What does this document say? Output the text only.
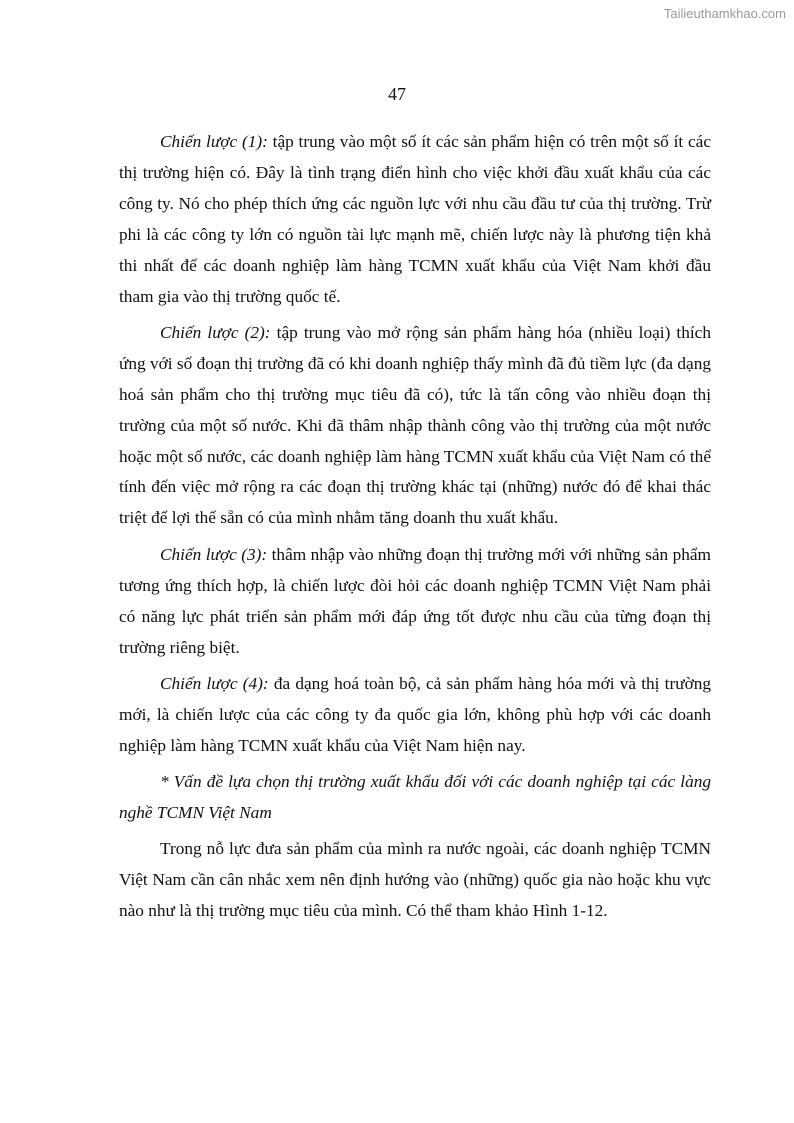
Tailieuthamkhao.com
47

Chiến lược (1): tập trung vào một số ít các sản phẩm hiện có trên một số ít các thị trường hiện có. Đây là tình trạng điển hình cho việc khởi đầu xuất khẩu của các công ty. Nó cho phép thích ứng các nguồn lực với nhu cầu đầu tư của thị trường. Trừ phi là các công ty lớn có nguồn tài lực mạnh mẽ, chiến lược này là phương tiện khả thi nhất để các doanh nghiệp làm hàng TCMN xuất khẩu của Việt Nam khởi đầu tham gia vào thị trường quốc tế.

Chiến lược (2): tập trung vào mở rộng sản phẩm hàng hóa (nhiều loại) thích ứng với số đoạn thị trường đã có khi doanh nghiệp thấy mình đã đủ tiềm lực (đa dạng hoá sản phẩm cho thị trường mục tiêu đã có), tức là tấn công vào nhiều đoạn thị trường của một số nước. Khi đã thâm nhập thành công vào thị trường của một nước hoặc một số nước, các doanh nghiệp làm hàng TCMN xuất khẩu của Việt Nam có thể tính đến việc mở rộng ra các đoạn thị trường khác tại (những) nước đó để khai thác triệt để lợi thế sẵn có của mình nhằm tăng doanh thu xuất khẩu.

Chiến lược (3): thâm nhập vào những đoạn thị trường mới với những sản phẩm tương ứng thích hợp, là chiến lược đòi hỏi các doanh nghiệp TCMN Việt Nam phải có năng lực phát triển sản phẩm mới đáp ứng tốt được nhu cầu của từng đoạn thị trường riêng biệt.

Chiến lược (4): đa dạng hoá toàn bộ, cả sản phẩm hàng hóa mới và thị trường mới, là chiến lược của các công ty đa quốc gia lớn, không phù hợp với các doanh nghiệp làm hàng TCMN xuất khẩu của Việt Nam hiện nay.

* Vấn đề lựa chọn thị trường xuất khẩu đối với các doanh nghiệp tại các làng nghề TCMN Việt Nam

Trong nỗ lực đưa sản phẩm của mình ra nước ngoài, các doanh nghiệp TCMN Việt Nam cần cân nhắc xem nên định hướng vào (những) quốc gia nào hoặc khu vực nào như là thị trường mục tiêu của mình. Có thể tham khảo Hình 1-12.
